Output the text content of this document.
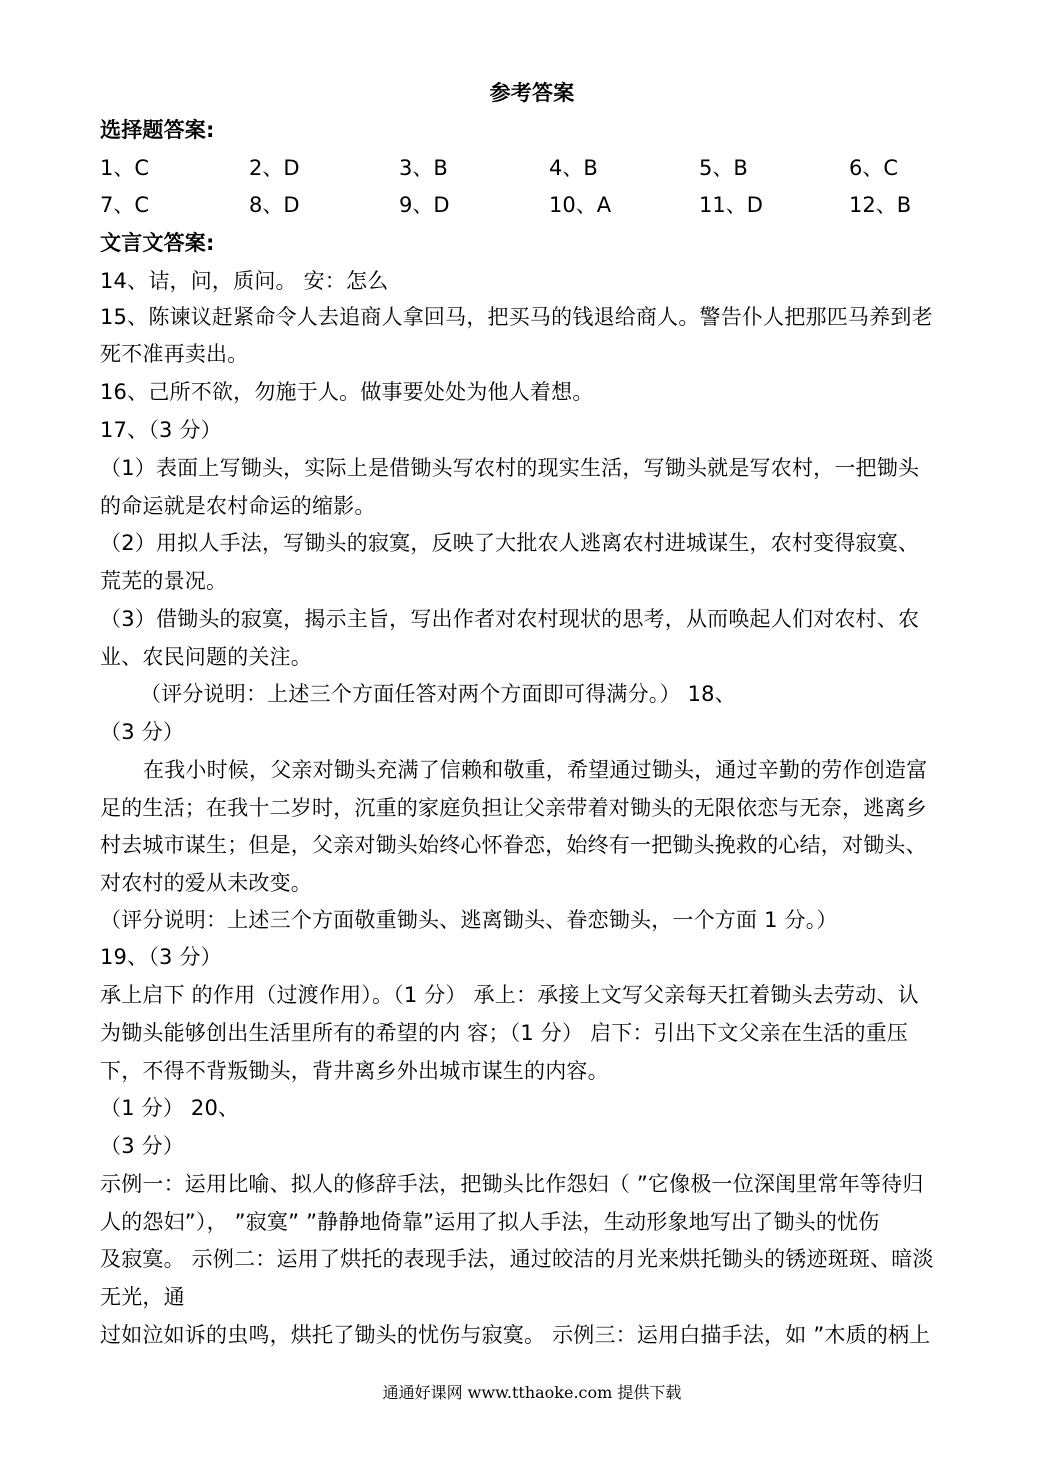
参考答案
选择题答案:
1、C	2、D	3、B	4、B	5、B	6、C
7、C	8、D	9、D	10、A	11、D	12、B
文言文答案:
14、诘，问，质问。 安：怎么
15、陈谏议赶紧命令人去追商人拿回马，把买马的钱退给商人。警告仆人把那匹马养到老
死不准再卖出。
16、己所不欲，勿施于人。做事要处处为他人着想。
17、（3 分）
（1）表面上写锄头，实际上是借锄头写农村的现实生活，写锄头就是写农村，一把锄头
的命运就是农村命运的缩影。
（2）用拟人手法，写锄头的寂寞，反映了大批农人逃离农村进城谋生，农村变得寂寞、
荒芜的景况。
（3）借锄头的寂寞，揭示主旨，写出作者对农村现状的思考，从而唤起人们对农村、农
业、农民问题的关注。
（评分说明：上述三个方面任答对两个方面即可得满分。） 18、
（3 分）
在我小时候，父亲对锄头充满了信赖和敬重，希望通过锄头，通过辛勤的劳作创造富
足的生活；在我十二岁时，沉重的家庭负担让父亲带着对锄头的无限依恋与无奈，逃离乡
村去城市谋生；但是，父亲对锄头始终心怀眷恋，始终有一把锄头挽救的心结，对锄头、
对农村的爱从未改变。
（评分说明：上述三个方面敬重锄头、逃离锄头、眷恋锄头，一个方面 1 分。）
19、（3 分）
承上启下 的作用（过渡作用）。（1 分） 承上：承接上文写父亲每天扛着锄头去劳动、认
为锄头能够创出生活里所有的希望的内 容；（1 分） 启下：引出下文父亲在生活的重压
下，不得不背叛锄头，背井离乡外出城市谋生的内容。
（1 分） 20、
（3 分）
示例一：运用比喻、拟人的修辞手法，把锄头比作怨妇（ ”它像极一位深闺里常年等待归
人的怨妇”）， ”寂寞” ”静静地倚靠”运用了拟人手法，生动形象地写出了锄头的忧伤
及寂寞。 示例二：运用了烘托的表现手法，通过皎洁的月光来烘托锄头的锈迹斑斑、暗淡
无光，通
过如泣如诉的虫鸣，烘托了锄头的忧伤与寂寞。 示例三：运用白描手法，如 ”木质的柄上
通通好课网 www.tthaoke.com 提供下载
